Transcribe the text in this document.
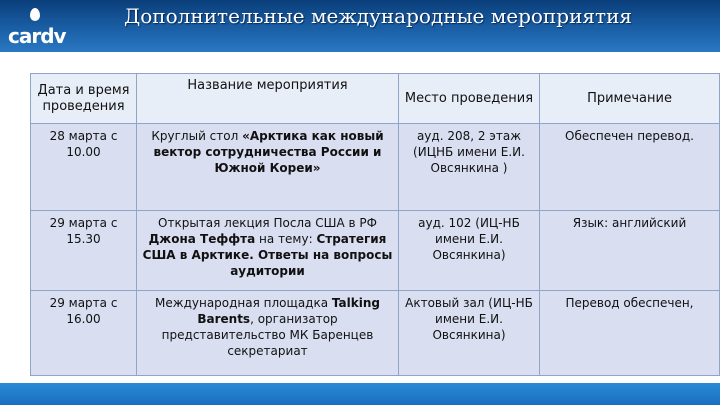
cardv
Дополнительные международные мероприятия
Дата и время проведения	Название мероприятия	Место проведения	Примечание
28 марта с 10.00	Круглый стол «Арктика как новый вектор сотрудничества России и Южной Кореи»	ауд. 208, 2 этаж (ИЦНБ имени Е.И. Овсянкина )	Обеспечен перевод.
29 марта с 15.30	Открытая лекция Посла США в РФ Джона Теффта на тему: Стратегия США в Арктике. Ответы на вопросы аудитории	ауд. 102 (ИЦ-НБ имени Е.И. Овсянкина)	Язык: английский
29 марта с 16.00	Международная площадка Talking Barents, организатор представительство МК Баренцев секретариат	Актовый зал (ИЦ-НБ имени Е.И. Овсянкина)	Перевод обеспечен,
